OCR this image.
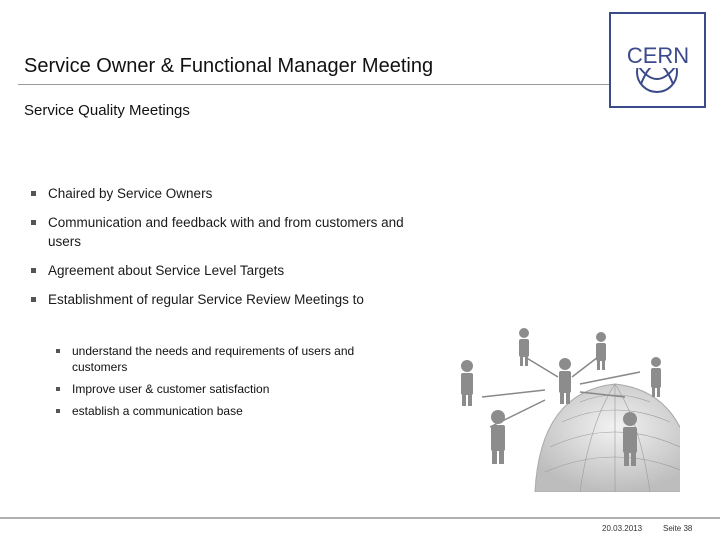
Service Owner & Functional Manager Meeting
Service Quality Meetings
CERN
Chaired by Service Owners
Communication and feedback with and from customers and users
Agreement about Service Level Targets
Establishment of regular Service Review Meetings to
understand the needs and requirements of users and customers
Improve user & customer satisfaction
establish a communication base
20.03.2013	Seite 38
